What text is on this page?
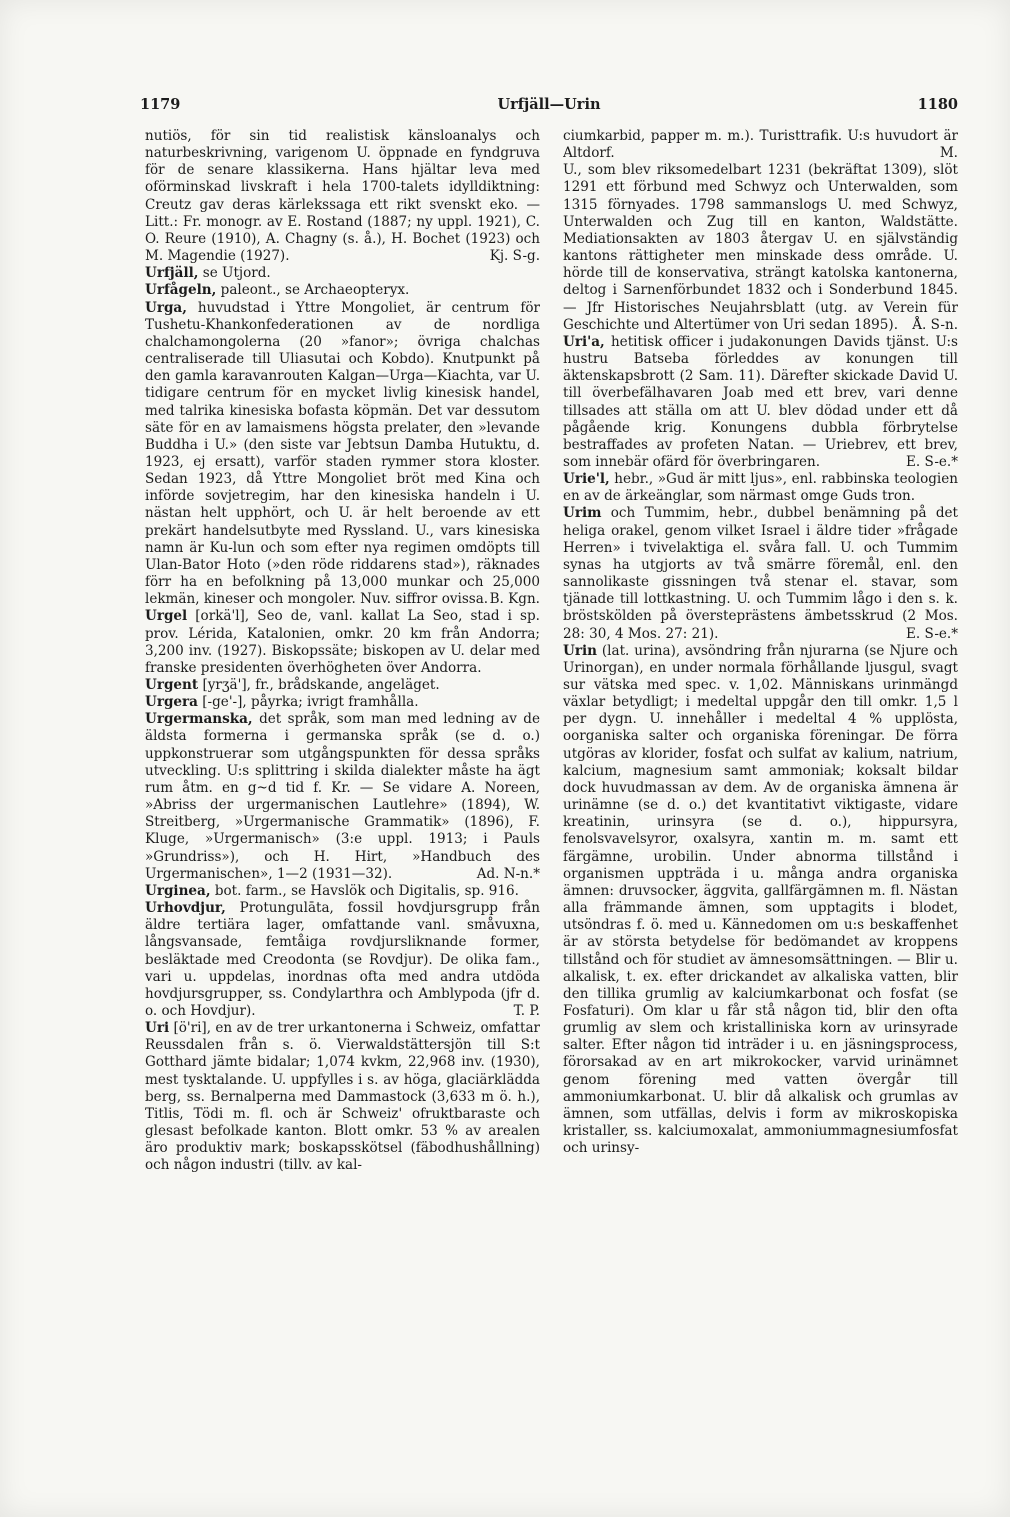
1179	Urfjäll—Urin	1180

nutiös, för sin tid realistisk känsloanalys och naturbeskrivning, varigenom U. öppnade en fyndgruva för de senare klassikerna. Hans hjältar leva med oförminskad livskraft i hela 1700-talets idylldiktning: Creutz gav deras kärlekssaga ett rikt svenskt eko. — Litt.: Fr. monogr. av E. Rostand (1887; ny uppl. 1921), C. O. Reure (1910), A. Chagny (s. å.), H. Bochet (1923) och M. Magendie (1927).	Kj. S-g.

Urfjäll, se Utjord.

Urfågeln, paleont., se Archaeopteryx.

Urga, huvudstad i Yttre Mongoliet, är centrum för Tushetu-Khankonfederationen av de nordliga chalchamongolerna (20 »fanor»; övriga chalchas centraliserade till Uliasutai och Kobdo). Knutpunkt på den gamla karavanrouten Kalgan—Urga—Kiachta, var U. tidigare centrum för en mycket livlig kinesisk handel, med talrika kinesiska bofasta köpmän. Det var dessutom säte för en av lamaismens högsta prelater, den »levande Buddha i U.» (den siste var Jebtsun Damba Hutuktu, d. 1923, ej ersatt), varför staden rymmer stora kloster. Sedan 1923, då Yttre Mongoliet bröt med Kina och införde sovjetregim, har den kinesiska handeln i U. nästan helt upphört, och U. är helt beroende av ett prekärt handelsutbyte med Ryssland. U., vars kinesiska namn är Ku-lun och som efter nya regimen omdöpts till Ulan-Bator Hoto (»den röde riddarens stad»), räknades förr ha en befolkning på 13,000 munkar och 25,000 lekmän, kineser och mongoler. Nuv. siffror ovissa. B. Kgn.

Urgel [orkä'l], Seo de, vanl. kallat La Seo, stad i sp. prov. Lérida, Katalonien, omkr. 20 km från Andorra; 3,200 inv. (1927). Biskopssäte; biskopen av U. delar med franske presidenten överhögheten över Andorra.

Urgent [yrʒä'], fr., brådskande, angeläget.

Urgera [-ge'-], påyrka; ivrigt framhålla.

Urgermanska, det språk, som man med ledning av de äldsta formerna i germanska språk (se d. o.) uppkonstruerar som utgångspunkten för dessa språks utveckling. U:s splittring i skilda dialekter måste ha ägt rum åtm. en g~d tid f. Kr. — Se vidare A. Noreen, »Abriss der urgermanischen Lautlehre» (1894), W. Streitberg, »Urgermanische Grammatik» (1896), F. Kluge, »Urgermanisch» (3:e uppl. 1913; i Pauls »Grundriss»), och H. Hirt, »Handbuch des Urgermanischen», 1—2 (1931—32).	Ad. N-n.*

Urginea, bot. farm., se Havslök och Digitalis, sp. 916.

Urhovdjur, Protungulāta, fossil hovdjursgrupp från äldre tertiära lager, omfattande vanl. småvuxna, långsvansade, femtåiga rovdjursliknande former, besläktade med Creodonta (se Rovdjur). De olika fam., vari u. uppdelas, inordnas ofta med andra utdöda hovdjursgrupper, ss. Condylarthra och Amblypoda (jfr d. o. och Hovdjur).	T. P.

Uri [ö'ri], en av de trer urkantonerna i Schweiz, omfattar Reussdalen från s. ö. Vierwaldstättersjön till S:t Gotthard jämte bidalar; 1,074 kvkm, 22,968 inv. (1930), mest tysktalande. U. uppfylles i s. av höga, glaciärklädda berg, ss. Bernalperna med Dammastock (3,633 m ö. h.), Titlis, Tödi m. fl. och är Schweiz' ofruktbaraste och glesast befolkade kanton. Blott omkr. 53 % av arealen äro produktiv mark; boskapsskötsel (fäbodhushållning) och någon industri (tillv. av kal-

ciumkarbid, papper m. m.). Turisttrafik. U:s huvudort är Altdorf.	M.

U., som blev riksomedelbart 1231 (bekräftat 1309), slöt 1291 ett förbund med Schwyz och Unterwalden, som 1315 förnyades. 1798 sammanslogs U. med Schwyz, Unterwalden och Zug till en kanton, Waldstätte. Mediationsakten av 1803 återgav U. en självständig kantons rättigheter men minskade dess område. U. hörde till de konservativa, strängt katolska kantonerna, deltog i Sarnenförbundet 1832 och i Sonderbund 1845. — Jfr Historisches Neujahrsblatt (utg. av Verein für Geschichte und Altertümer von Uri sedan 1895). Å. S-n.

Uri'a, hetitisk officer i judakonungen Davids tjänst. U:s hustru Batseba förleddes av konungen till äktenskapsbrott (2 Sam. 11). Därefter skickade David U. till överbefälhavaren Joab med ett brev, vari denne tillsades att ställa om att U. blev dödad under ett då pågående krig. Konungens dubbla förbrytelse bestraffades av profeten Natan. — Uriebrev, ett brev, som innebär ofärd för överbringaren.	E. S-e.*

Urie'l, hebr., »Gud är mitt ljus», enl. rabbinska teologien en av de ärkeänglar, som närmast omge Guds tron.

Urim och Tummim, hebr., dubbel benämning på det heliga orakel, genom vilket Israel i äldre tider »frågade Herren» i tvivelaktiga el. svåra fall. U. och Tummim synas ha utgjorts av två smärre föremål, enl. den sannolikaste gissningen två stenar el. stavar, som tjänade till lottkastning. U. och Tummim lågo i den s. k. bröstskölden på översteprästens ämbetsskrud (2 Mos. 28: 30, 4 Mos. 27: 21).	E. S-e.*

Urin (lat. urina), avsöndring från njurarna (se Njure och Urinorgan), en under normala förhållande ljusgul, svagt sur vätska med spec. v. 1,02. Människans urinmängd växlar betydligt; i medeltal uppgår den till omkr. 1,5 l per dygn. U. innehåller i medeltal 4 % upplösta, oorganiska salter och organiska föreningar. De förra utgöras av klorider, fosfat och sulfat av kalium, natrium, kalcium, magnesium samt ammoniak; koksalt bildar dock huvudmassan av dem. Av de organiska ämnena är urinämne (se d. o.) det kvantitativt viktigaste, vidare kreatinin, urinsyra (se d. o.), hippursyra, fenolsvavelsyror, oxalsyra, xantin m. m. samt ett färgämne, urobilin. Under abnorma tillstånd i organismen uppträda i u. många andra organiska ämnen: druvsocker, äggvita, gallfärgämnen m. fl. Nästan alla främmande ämnen, som upptagits i blodet, utsöndras f. ö. med u. Kännedomen om u:s beskaffenhet är av största betydelse för bedömandet av kroppens tillstånd och för studiet av ämnesomsättningen. — Blir u. alkalisk, t. ex. efter drickandet av alkaliska vatten, blir den tillika grumlig av kalciumkarbonat och fosfat (se Fosfaturi). Om klar u får stå någon tid, blir den ofta grumlig av slem och kristalliniska korn av urinsyrade salter. Efter någon tid inträder i u. en jäsningsprocess, förorsakad av en art mikrokocker, varvid urinämnet genom förening med vatten övergår till ammoniumkarbonat. U. blir då alkalisk och grumlas av ämnen, som utfällas, delvis i form av mikroskopiska kristaller, ss. kalciumoxalat, ammoniummagnesiumfosfat och urinsy-
